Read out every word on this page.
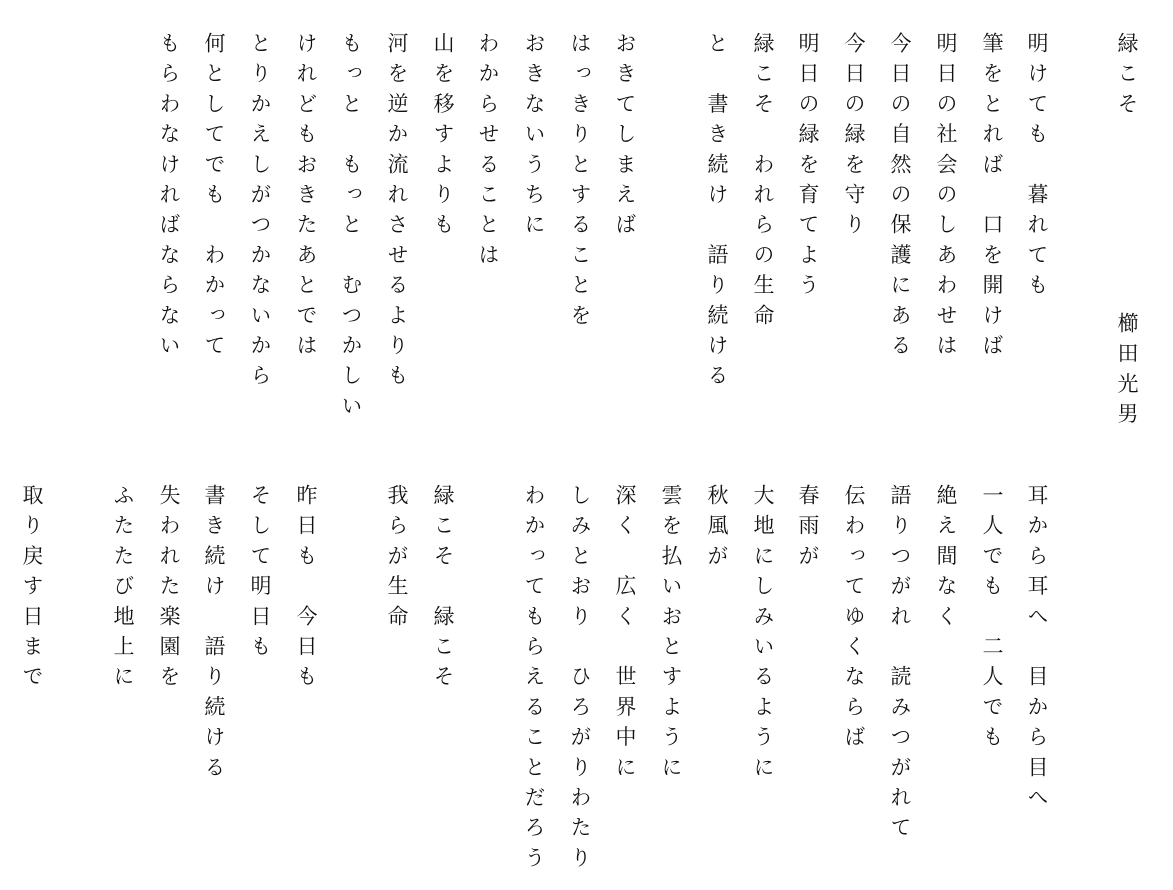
緑こそ
櫛田光男
明けても　暮れても
筆をとれば　口を開けば
明日の社会のしあわせは
今日の自然の保護にある
今日の緑を守り
明日の緑を育てよう
緑こそ　われらの生命
と　書き続け　語り続ける
おきてしまえば
はっきりとすることを
おきないうちに
わからせることは
山を移すよりも
河を逆か流れさせるよりも
もっと　もっと　むつかしい
けれどもおきたあとでは
とりかえしがつかないから
何としてでも　わかって
もらわなければならない
耳から耳へ　目から目へ
一人でも　二人でも
絶え間なく
語りつがれ　読みつがれて
伝わってゆくならば
春雨が
大地にしみいるように
秋風が
雲を払いおとすように
深く　広く　世界中に
しみとおり　ひろがりわたり
わかってもらえることだろう
緑こそ　緑こそ
我らが生命
昨日も　今日も
そして明日も
書き続け　語り続ける
失われた楽園を
ふたたび地上に
取り戻す日まで
